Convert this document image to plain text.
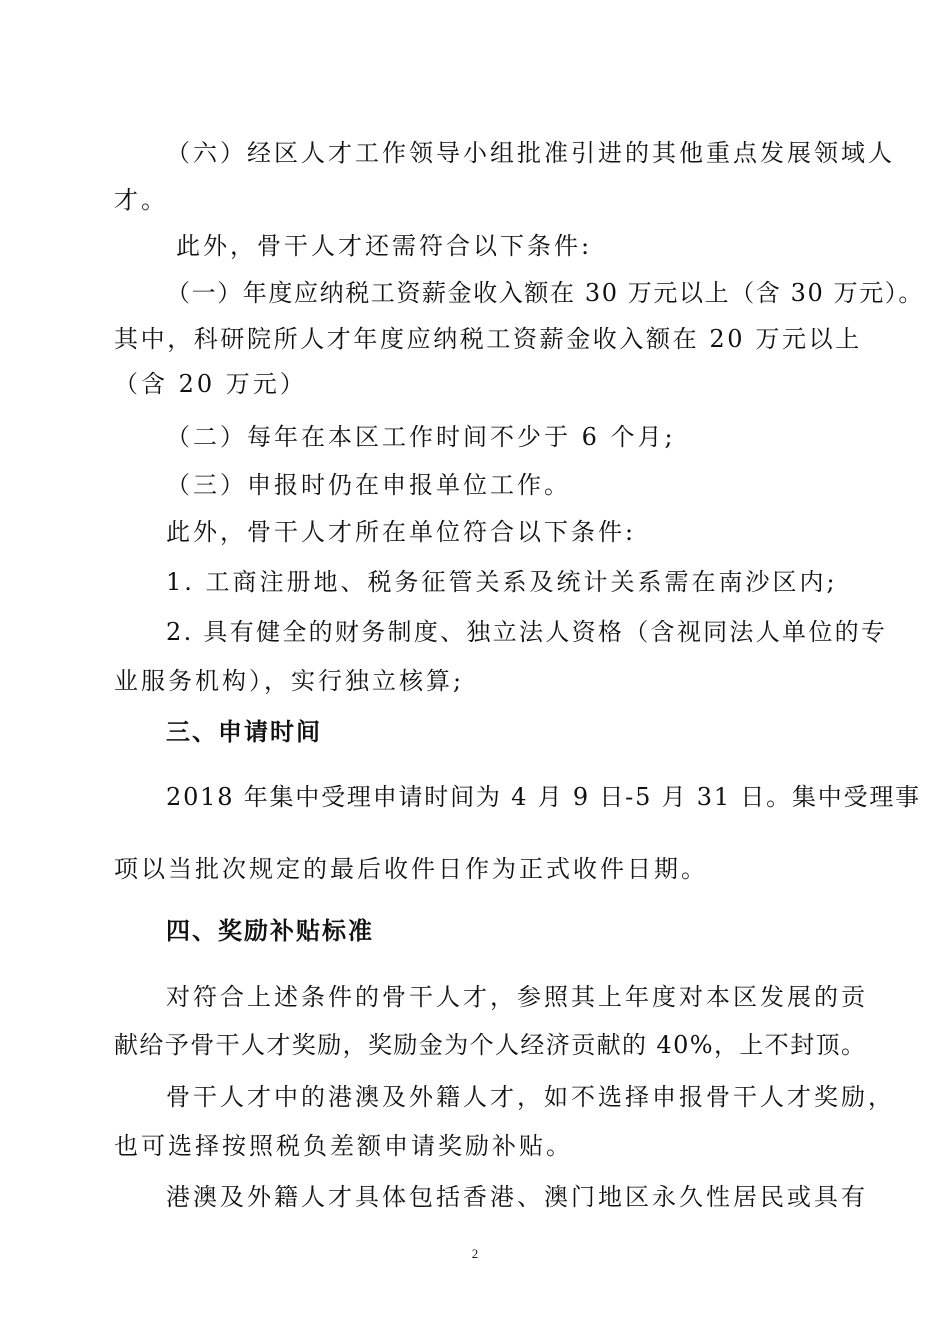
（六）经区人才工作领导小组批准引进的其他重点发展领域人
才。
此外，骨干人才还需符合以下条件:
（一）年度应纳税工资薪金收入额在 30 万元以上（含 30 万元）。
其中，科研院所人才年度应纳税工资薪金收入额在 20 万元以上
（含 20 万元）
（二）每年在本区工作时间不少于 6 个月;
（三）申报时仍在申报单位工作。
此外，骨干人才所在单位符合以下条件:
1. 工商注册地、税务征管关系及统计关系需在南沙区内;
2. 具有健全的财务制度、独立法人资格（含视同法人单位的专
业服务机构），实行独立核算;
三、申请时间
2018 年集中受理申请时间为 4 月 9 日-5 月 31 日。集中受理事
项以当批次规定的最后收件日作为正式收件日期。
四、奖励补贴标准
对符合上述条件的骨干人才，参照其上年度对本区发展的贡
献给予骨干人才奖励，奖励金为个人经济贡献的 40%，上不封顶。
骨干人才中的港澳及外籍人才，如不选择申报骨干人才奖励，
也可选择按照税负差额申请奖励补贴。
港澳及外籍人才具体包括香港、澳门地区永久性居民或具有
2
